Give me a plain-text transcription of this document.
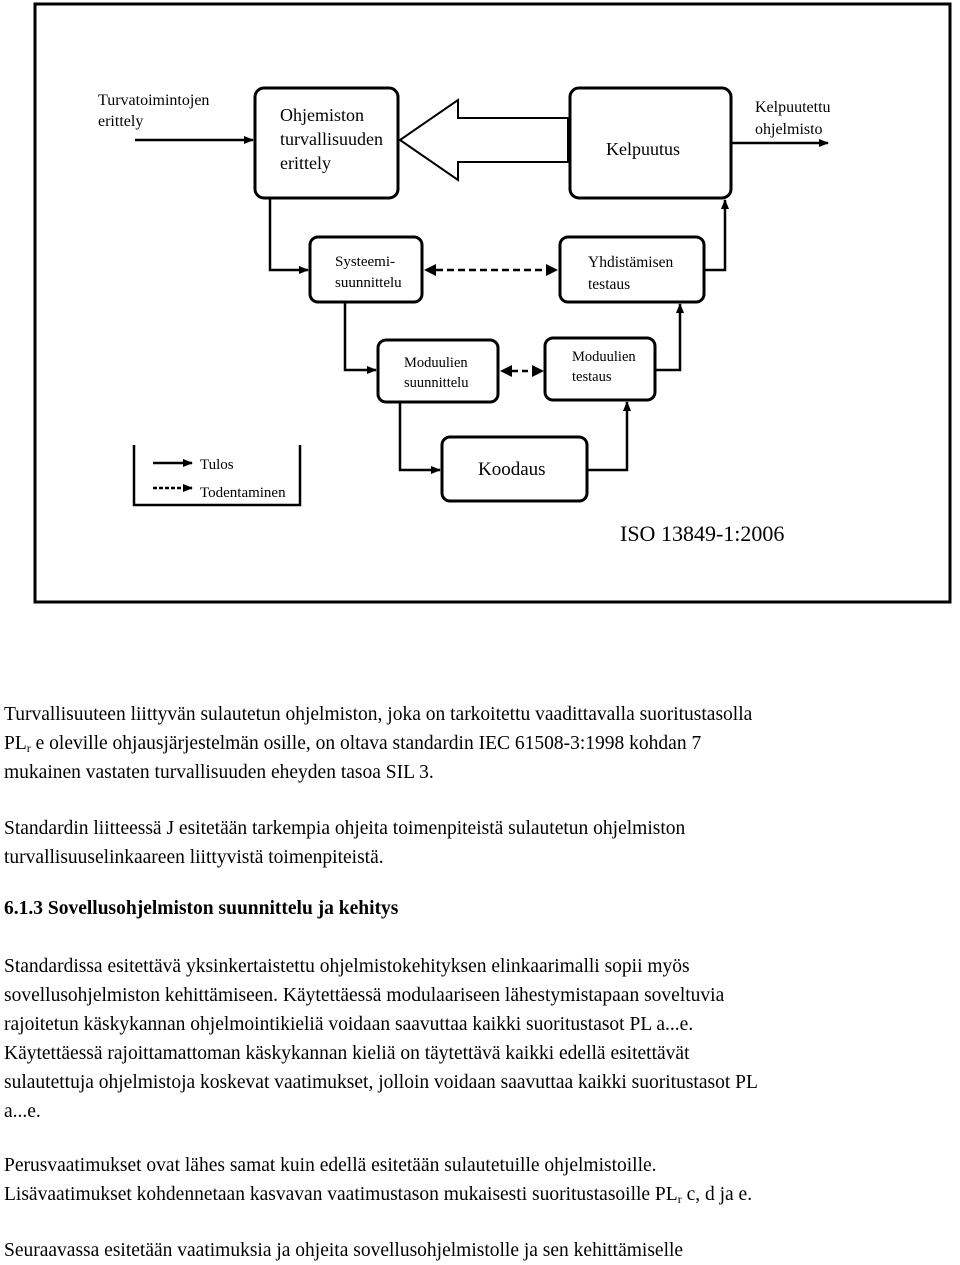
Turvatoimintojen erittely	Ohjemiston turvallisuuden erittely
Kelpuutus
Kelpuutettu ohjelmisto
Systeemi- suunnittelu
Yhdistämisen testaus
Moduulien suunnittelu
Moduulien testaus
Tulos
Todentaminen
Koodaus
ISO 13849-1:2006

Turvallisuuteen liittyvän sulautetun ohjelmiston, joka on tarkoitettu vaadittavalla suoritustasolla
$PL_r$ e oleville ohjausjärjestelmän osille, on oltava standardin IEC 61508-3:1998 kohdan 7
mukainen vastaten turvallisuuden eheyden tasoa SIL 3.

Standardin liitteessä J esitetään tarkempia ohjeita toimenpiteistä sulautetun ohjelmiston
turvallisuuselinkaareen liittyvistä toimenpiteistä.

6.1.3 Sovellusohjelmiston suunnittelu ja kehitys

Standardissa esitettävä yksinkertaistettu ohjelmistokehityksen elinkaarimalli sopii myös
sovellusohjelmiston kehittämiseen. Käytettäessä modulaariseen lähestymistapaan soveltuvia
rajoitetun käskykannan ohjelmointikieliä voidaan saavuttaa kaikki suoritustasot PL a...e.
Käytettäessä rajoittamattoman käskykannan kieliä on täytettävä kaikki edellä esitettävät
sulautettuja ohjelmistoja koskevat vaatimukset, jolloin voidaan saavuttaa kaikki suoritustasot PL
a...e.

Perusvaatimukset ovat lähes samat kuin edellä esitetään sulautetuille ohjelmistoille.
Lisävaatimukset kohdennetaan kasvavan vaatimustason mukaisesti suoritustasoille $PL_r$ c, d ja e.

Seuraavassa esitetään vaatimuksia ja ohjeita sovellusohjelmistolle ja sen kehittämiselle
